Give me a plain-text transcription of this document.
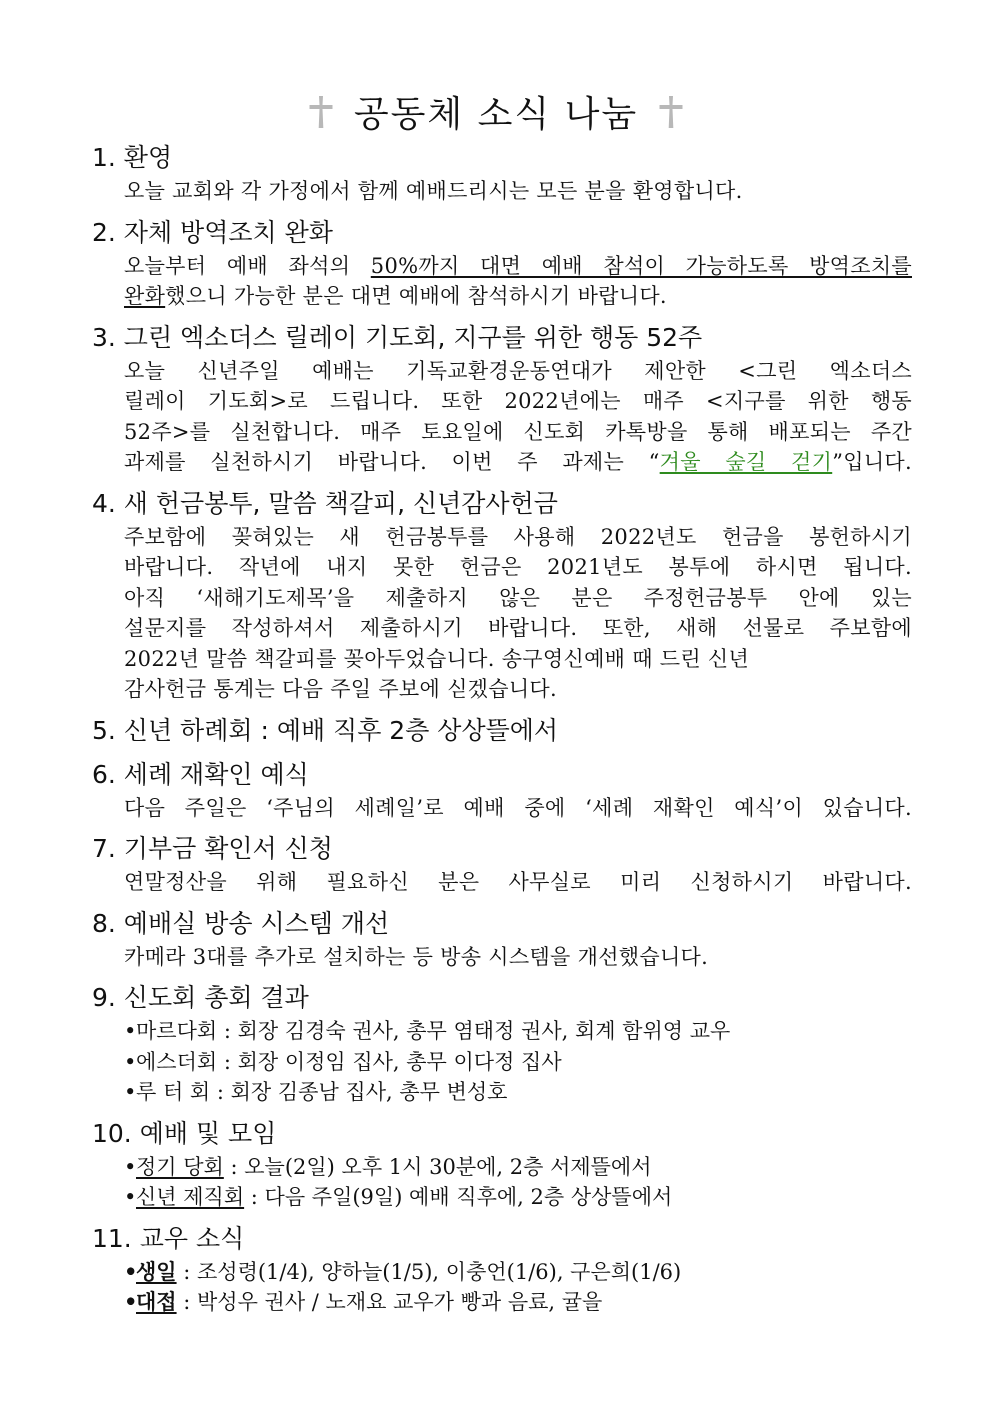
공동체 소식 나눔
1. 환영
오늘 교회와 각 가정에서 함께 예배드리시는 모든 분을 환영합니다.
2. 자체 방역조치 완화
오늘부터 예배 좌석의 50%까지 대면 예배 참석이 가능하도록 방역조치를
완화했으니 가능한 분은 대면 예배에 참석하시기 바랍니다.
3. 그린 엑소더스 릴레이 기도회, 지구를 위한 행동 52주
오늘 신년주일 예배는 기독교환경운동연대가 제안한 <그린 엑소더스
릴레이 기도회>로 드립니다. 또한 2022년에는 매주 <지구를 위한 행동
52주>를 실천합니다. 매주 토요일에 신도회 카톡방을 통해 배포되는 주간
과제를 실천하시기 바랍니다. 이번 주 과제는 “겨울 숲길 걷기”입니다.
4. 새 헌금봉투, 말씀 책갈피, 신년감사헌금
주보함에 꽂혀있는 새 헌금봉투를 사용해 2022년도 헌금을 봉헌하시기
바랍니다. 작년에 내지 못한 헌금은 2021년도 봉투에 하시면 됩니다.
아직 ‘새해기도제목’을 제출하지 않은 분은 주정헌금봉투 안에 있는
설문지를 작성하셔서 제출하시기 바랍니다. 또한, 새해 선물로 주보함에
2022년 말씀 책갈피를 꽂아두었습니다. 송구영신예배 때 드린 신년
감사헌금 통계는 다음 주일 주보에 싣겠습니다.
5. 신년 하례회 : 예배 직후 2층 상상뜰에서
6. 세례 재확인 예식
다음 주일은 ‘주님의 세례일’로 예배 중에 ‘세례 재확인 예식’이 있습니다.
7. 기부금 확인서 신청
연말정산을 위해 필요하신 분은 사무실로 미리 신청하시기 바랍니다.
8. 예배실 방송 시스템 개선
카메라 3대를 추가로 설치하는 등 방송 시스템을 개선했습니다.
9. 신도회 총회 결과
•마르다회 : 회장 김경숙 권사, 총무 염태정 권사, 회계 함위영 교우
•에스더회 : 회장 이정임 집사, 총무 이다정 집사
•루 터 회 : 회장 김종남 집사, 총무 변성호
10. 예배 및 모임
•정기 당회 : 오늘(2일) 오후 1시 30분에, 2층 서제뜰에서
•신년 제직회 : 다음 주일(9일) 예배 직후에, 2층 상상뜰에서
11. 교우 소식
•생일 : 조성령(1/4), 양하늘(1/5), 이충언(1/6), 구은희(1/6)
•대접 : 박성우 권사 / 노재요 교우가 빵과 음료, 귤을
